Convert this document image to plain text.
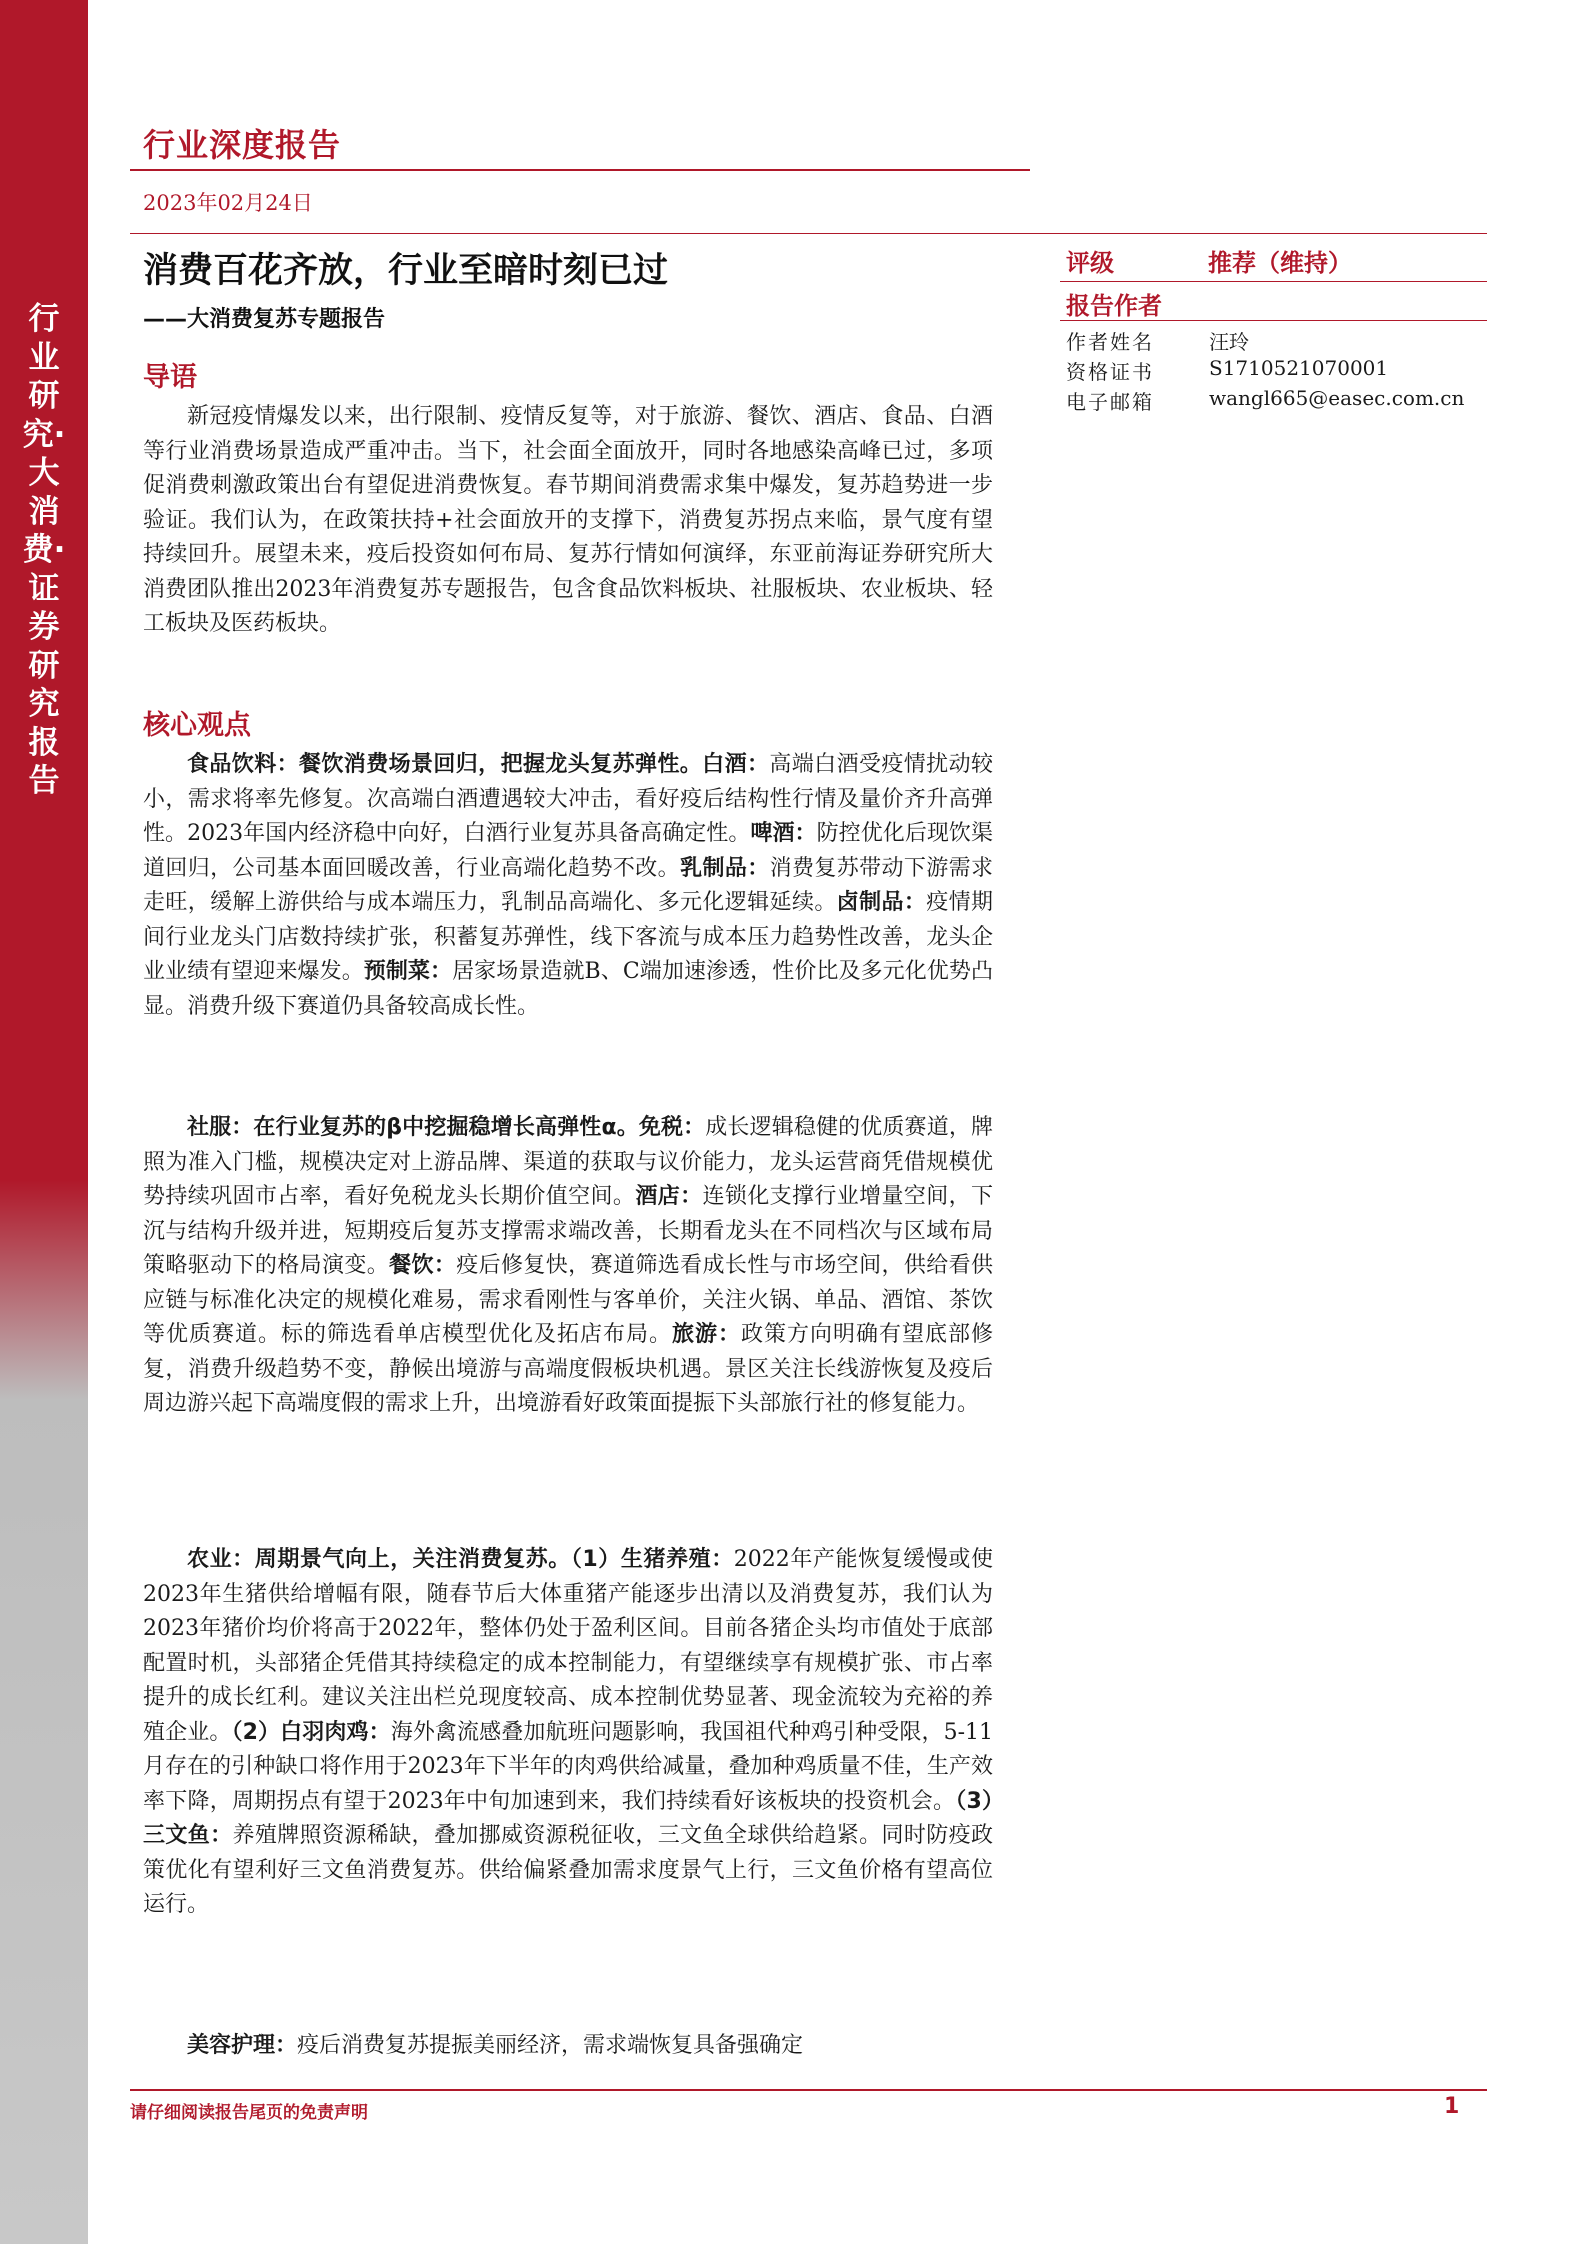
行业研究·大消费·证券研究报告
行业深度报告
2023年02月24日
消费百花齐放，行业至暗时刻已过
——大消费复苏专题报告
评级	推荐（维持）
报告作者
作者姓名	汪玲
资格证书	S1710521070001
电子邮箱	wangl665@easec.com.cn
导语

新冠疫情爆发以来，出行限制、疫情反复等，对于旅游、餐饮、酒店、食品、白酒等行业消费场景造成严重冲击。当下，社会面全面放开，同时各地感染高峰已过，多项促消费刺激政策出台有望促进消费恢复。春节期间消费需求集中爆发，复苏趋势进一步验证。我们认为，在政策扶持+社会面放开的支撑下，消费复苏拐点来临，景气度有望持续回升。展望未来，疫后投资如何布局、复苏行情如何演绎，东亚前海证券研究所大消费团队推出2023年消费复苏专题报告，包含食品饮料板块、社服板块、农业板块、轻工板块及医药板块。

核心观点

食品饮料：餐饮消费场景回归，把握龙头复苏弹性。白酒：高端白酒受疫情扰动较小，需求将率先修复。次高端白酒遭遇较大冲击，看好疫后结构性行情及量价齐升高弹性。2023年国内经济稳中向好，白酒行业复苏具备高确定性。啤酒：防控优化后现饮渠道回归，公司基本面回暖改善，行业高端化趋势不改。乳制品：消费复苏带动下游需求走旺，缓解上游供给与成本端压力，乳制品高端化、多元化逻辑延续。卤制品：疫情期间行业龙头门店数持续扩张，积蓄复苏弹性，线下客流与成本压力趋势性改善，龙头企业业绩有望迎来爆发。预制菜：居家场景造就B、C端加速渗透，性价比及多元化优势凸显。消费升级下赛道仍具备较高成长性。

社服：在行业复苏的β中挖掘稳增长高弹性α。免税：成长逻辑稳健的优质赛道，牌照为准入门槛，规模决定对上游品牌、渠道的获取与议价能力，龙头运营商凭借规模优势持续巩固市占率，看好免税龙头长期价值空间。酒店：连锁化支撑行业增量空间，下沉与结构升级并进，短期疫后复苏支撑需求端改善，长期看龙头在不同档次与区域布局策略驱动下的格局演变。餐饮：疫后修复快，赛道筛选看成长性与市场空间，供给看供应链与标准化决定的规模化难易，需求看刚性与客单价，关注火锅、单品、酒馆、茶饮等优质赛道。标的筛选看单店模型优化及拓店布局。旅游：政策方向明确有望底部修复，消费升级趋势不变，静候出境游与高端度假板块机遇。景区关注长线游恢复及疫后周边游兴起下高端度假的需求上升，出境游看好政策面提振下头部旅行社的修复能力。

农业：周期景气向上，关注消费复苏。（1）生猪养殖：2022年产能恢复缓慢或使2023年生猪供给增幅有限，随春节后大体重猪产能逐步出清以及消费复苏，我们认为2023年猪价均价将高于2022年，整体仍处于盈利区间。目前各猪企头均市值处于底部配置时机，头部猪企凭借其持续稳定的成本控制能力，有望继续享有规模扩张、市占率提升的成长红利。建议关注出栏兑现度较高、成本控制优势显著、现金流较为充裕的养殖企业。（2）白羽肉鸡：海外禽流感叠加航班问题影响，我国祖代种鸡引种受限，5-11月存在的引种缺口将作用于2023年下半年的肉鸡供给减量，叠加种鸡质量不佳，生产效率下降，周期拐点有望于2023年中旬加速到来，我们持续看好该板块的投资机会。（3）三文鱼：养殖牌照资源稀缺，叠加挪威资源税征收，三文鱼全球供给趋紧。同时防疫政策优化有望利好三文鱼消费复苏。供给偏紧叠加需求度景气上行，三文鱼价格有望高位运行。

美容护理：疫后消费复苏提振美丽经济，需求端恢复具备强确定

请仔细阅读报告尾页的免责声明	1
